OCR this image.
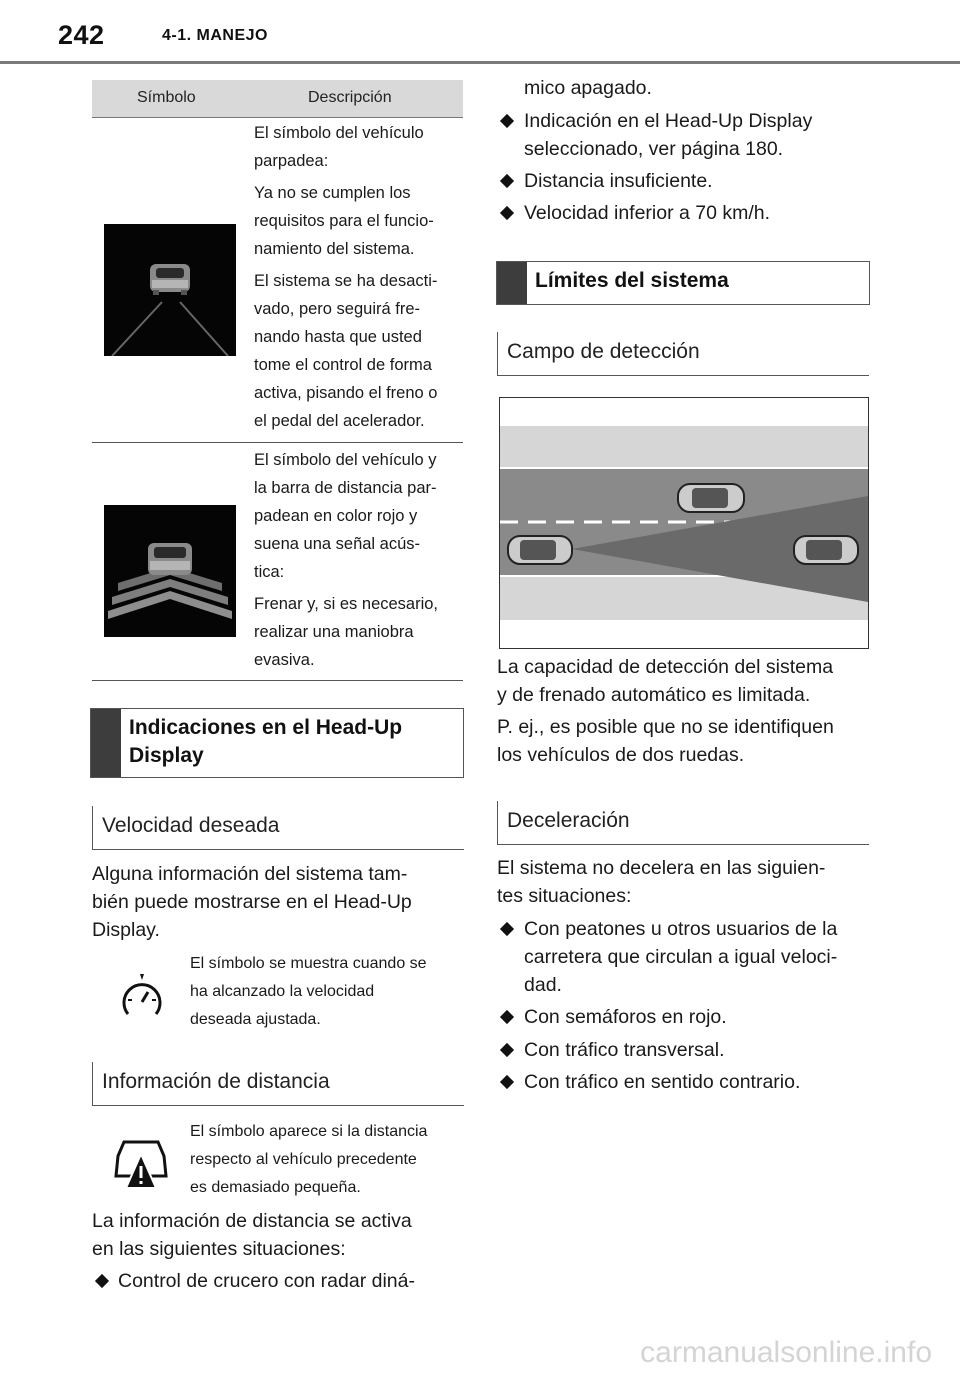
242	4-1. MANEJO
Símbolo	Descripción
El símbolo del vehículo
parpadea:
Ya no se cumplen los
requisitos para el funcio-
namiento del sistema.
El sistema se ha desacti-
vado, pero seguirá fre-
nando hasta que usted
tome el control de forma
activa, pisando el freno o
el pedal del acelerador.
El símbolo del vehículo y
la barra de distancia par-
padean en color rojo y
suena una señal acús-
tica:
Frenar y, si es necesario,
realizar una maniobra
evasiva.
Indicaciones en el Head-Up
Display
Velocidad deseada
Alguna información del sistema tam-
bién puede mostrarse en el Head-Up
Display.
El símbolo se muestra cuando se
ha alcanzado la velocidad
deseada ajustada.
Información de distancia
El símbolo aparece si la distancia
respecto al vehículo precedente
es demasiado pequeña.
La información de distancia se activa
en las siguientes situaciones:
Control de crucero con radar diná-
mico apagado.
Indicación en el Head-Up Display
seleccionado, ver página 180.
Distancia insuficiente.
Velocidad inferior a 70 km/h.
Límites del sistema
Campo de detección
La capacidad de detección del sistema
y de frenado automático es limitada.
P. ej., es posible que no se identifiquen
los vehículos de dos ruedas.
Deceleración
El sistema no decelera en las siguien-
tes situaciones:
Con peatones u otros usuarios de la
carretera que circulan a igual veloci-
dad.
Con semáforos en rojo.
Con tráfico transversal.
Con tráfico en sentido contrario.
carmanualsonline.info
